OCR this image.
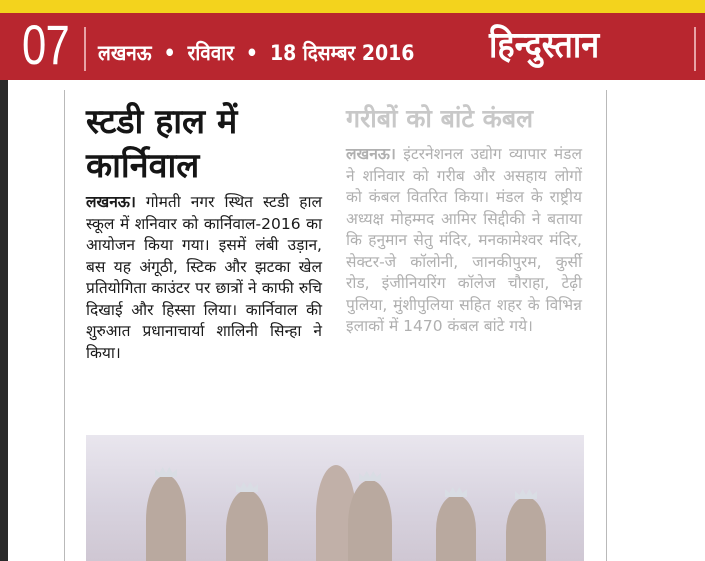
07 लखनऊ • रविवार • 18 दिसम्बर 2016 हिन्दुस्तान
स्टडी हाल में
कार्निवाल
लखनऊ। गोमती नगर स्थित स्टडी हाल स्कूल में शनिवार को कार्निवाल-2016 का आयोजन किया गया। इसमें लंबी उड़ान, बस यह अंगूठी, स्टिक और झटका खेल प्रतियोगिता काउंटर पर छात्रों ने काफी रुचि दिखाई और हिस्सा लिया। कार्निवाल की शुरुआत प्रधानाचार्या शालिनी सिन्हा ने किया।
गरीबों को बांटे कंबल
लखनऊ। इंटरनेशनल उद्योग व्यापार मंडल ने शनिवार को गरीब और असहाय लोगों को कंबल वितरित किया। मंडल के राष्ट्रीय अध्यक्ष मोहम्मद आमिर सिद्दीकी ने बताया कि हनुमान सेतु मंदिर, मनकामेश्वर मंदिर, सेक्टर-जे कॉलोनी, जानकीपुरम, कुर्सी रोड, इंजीनियरिंग कॉलेज चौराहा, टेढ़ी पुलिया, मुंशीपुलिया सहित शहर के विभिन्न इलाकों में 1470 कंबल बांटे गये।
